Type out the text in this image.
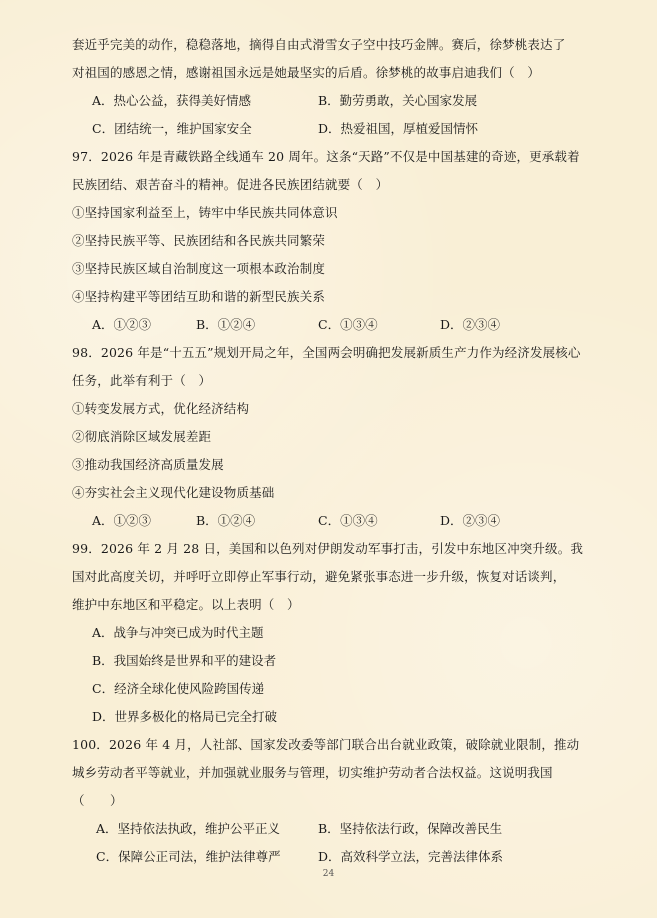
套近乎完美的动作，稳稳落地，摘得自由式滑雪女子空中技巧金牌。赛后，徐梦桃表达了
对祖国的感恩之情，感谢祖国永远是她最坚实的后盾。徐梦桃的故事启迪我们（　）
A．热心公益，获得美好情感	B．勤劳勇敢，关心国家发展
C．团结统一，维护国家安全	D．热爱祖国，厚植爱国情怀
97．2026 年是青藏铁路全线通车 20 周年。这条“天路”不仅是中国基建的奇迹，更承载着
民族团结、艰苦奋斗的精神。促进各民族团结就要（　）
①坚持国家利益至上，铸牢中华民族共同体意识
②坚持民族平等、民族团结和各民族共同繁荣
③坚持民族区域自治制度这一项根本政治制度
④坚持构建平等团结互助和谐的新型民族关系
A．①②③	B．①②④	C．①③④	D．②③④
98．2026 年是“十五五”规划开局之年，全国两会明确把发展新质生产力作为经济发展核心
任务，此举有利于（　）
①转变发展方式，优化经济结构
②彻底消除区域发展差距
③推动我国经济高质量发展
④夯实社会主义现代化建设物质基础
A．①②③	B．①②④	C．①③④	D．②③④
99．2026 年 2 月 28 日，美国和以色列对伊朗发动军事打击，引发中东地区冲突升级。我
国对此高度关切，并呼吁立即停止军事行动，避免紧张事态进一步升级，恢复对话谈判，
维护中东地区和平稳定。以上表明（　）
A．战争与冲突已成为时代主题
B．我国始终是世界和平的建设者
C．经济全球化使风险跨国传递
D．世界多极化的格局已完全打破
100．2026 年 4 月，人社部、国家发改委等部门联合出台就业政策，破除就业限制，推动
城乡劳动者平等就业，并加强就业服务与管理，切实维护劳动者合法权益。这说明我国
（　　）
A．坚持依法执政，维护公平正义	B．坚持依法行政，保障改善民生
C．保障公正司法，维护法律尊严	D．高效科学立法，完善法律体系
24
